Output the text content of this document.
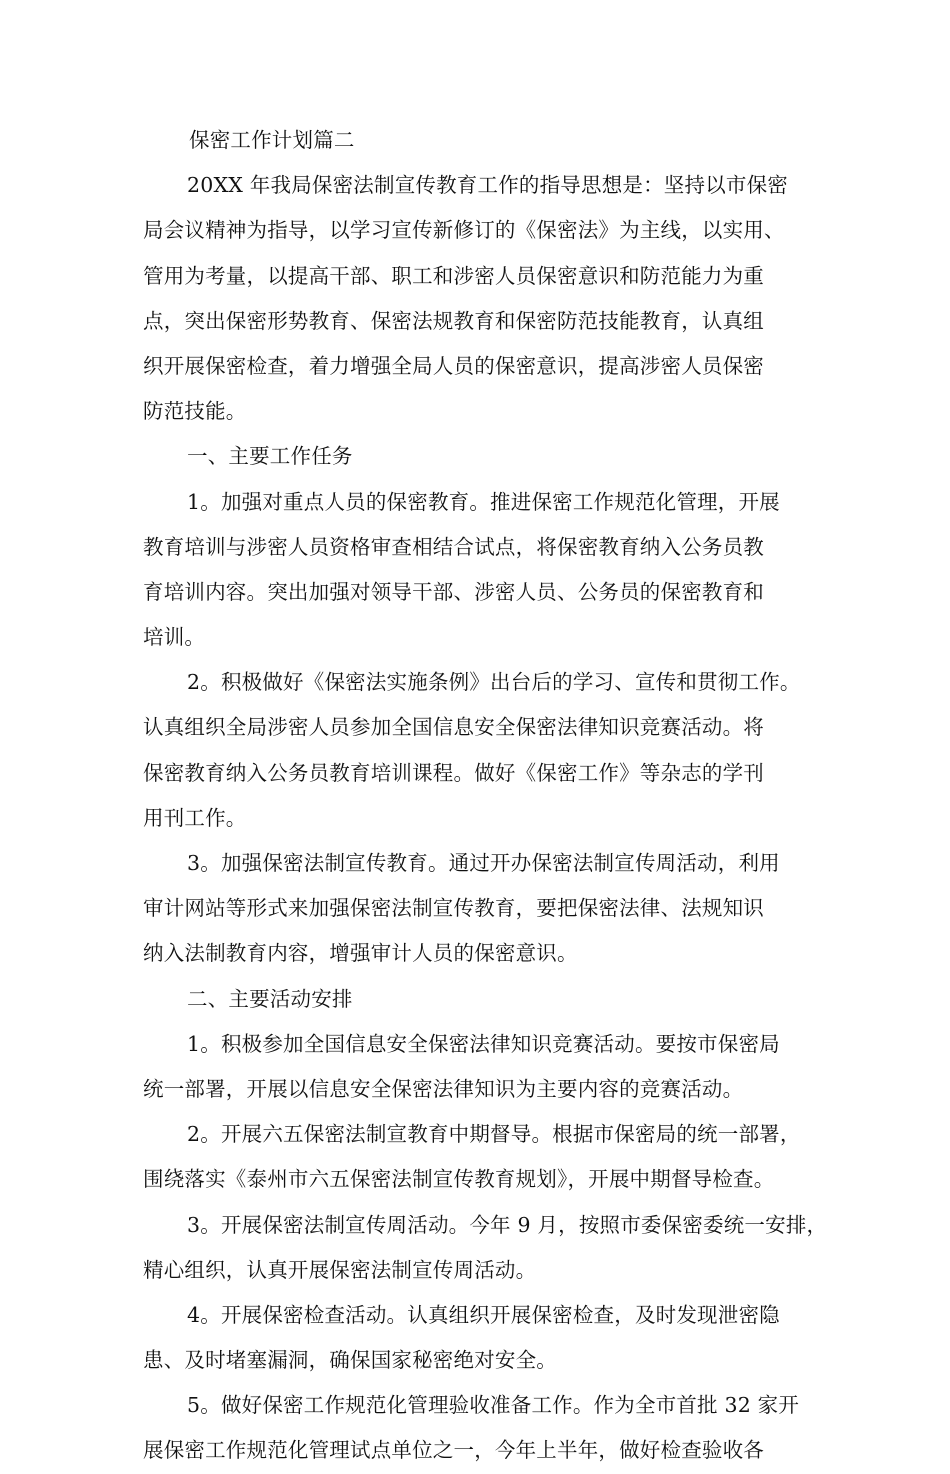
保密工作计划篇二
20XX 年我局保密法制宣传教育工作的指导思想是：坚持以市保密
局会议精神为指导，以学习宣传新修订的《保密法》为主线，以实用、
管用为考量，以提高干部、职工和涉密人员保密意识和防范能力为重
点，突出保密形势教育、保密法规教育和保密防范技能教育，认真组
织开展保密检查，着力增强全局人员的保密意识，提高涉密人员保密
防范技能。
一、主要工作任务
1。加强对重点人员的保密教育。推进保密工作规范化管理，开展
教育培训与涉密人员资格审查相结合试点，将保密教育纳入公务员教
育培训内容。突出加强对领导干部、涉密人员、公务员的保密教育和
培训。
2。积极做好《保密法实施条例》出台后的学习、宣传和贯彻工作。
认真组织全局涉密人员参加全国信息安全保密法律知识竞赛活动。将
保密教育纳入公务员教育培训课程。做好《保密工作》等杂志的学刊
用刊工作。
3。加强保密法制宣传教育。通过开办保密法制宣传周活动，利用
审计网站等形式来加强保密法制宣传教育，要把保密法律、法规知识
纳入法制教育内容，增强审计人员的保密意识。
二、主要活动安排
1。积极参加全国信息安全保密法律知识竞赛活动。要按市保密局
统一部署，开展以信息安全保密法律知识为主要内容的竞赛活动。
2。开展六五保密法制宣教育中期督导。根据市保密局的统一部署，
围绕落实《泰州市六五保密法制宣传教育规划》，开展中期督导检查。
3。开展保密法制宣传周活动。今年 9 月，按照市委保密委统一安排，
精心组织，认真开展保密法制宣传周活动。
4。开展保密检查活动。认真组织开展保密检查，及时发现泄密隐
患、及时堵塞漏洞，确保国家秘密绝对安全。
5。做好保密工作规范化管理验收准备工作。作为全市首批 32 家开
展保密工作规范化管理试点单位之一，今年上半年，做好检查验收各
